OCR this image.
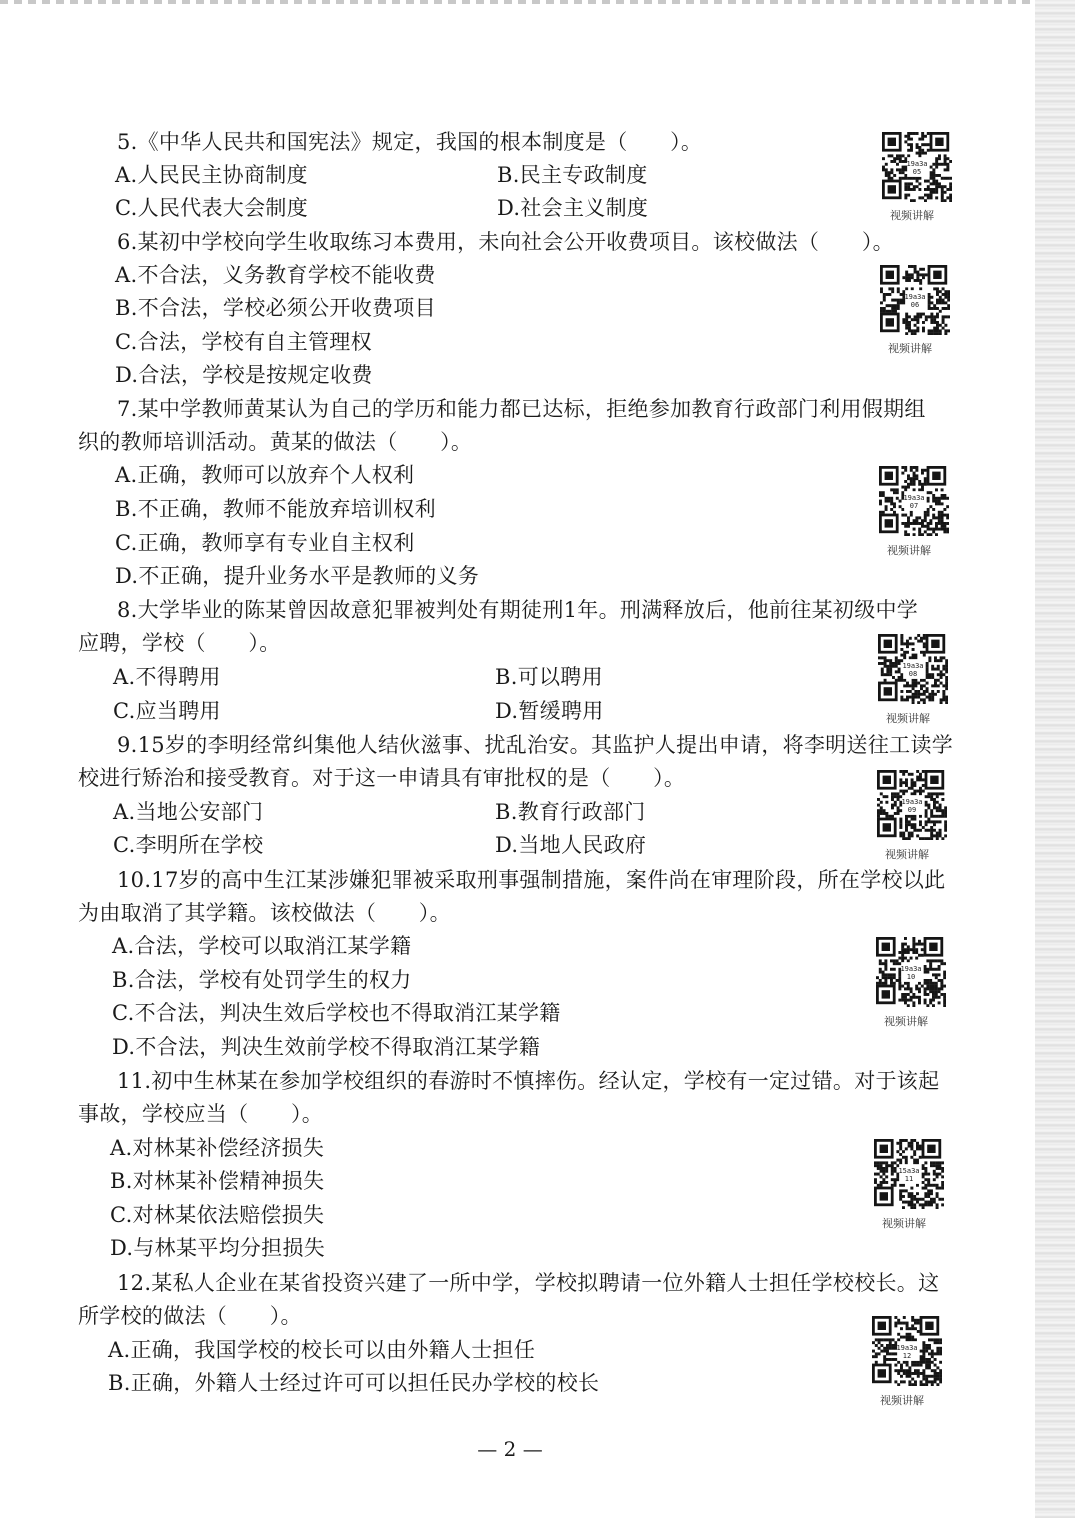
5.《中华人民共和国宪法》规定，我国的根本制度是（　　）。
A.人民民主协商制度	B.民主专政制度
C.人民代表大会制度	D.社会主义制度
6.某初中学校向学生收取练习本费用，未向社会公开收费项目。该校做法（　　）。
A.不合法，义务教育学校不能收费
B.不合法，学校必须公开收费项目
C.合法，学校有自主管理权
D.合法，学校是按规定收费
7.某中学教师黄某认为自己的学历和能力都已达标，拒绝参加教育行政部门利用假期组
织的教师培训活动。黄某的做法（　　）。
A.正确，教师可以放弃个人权利
B.不正确，教师不能放弃培训权利
C.正确，教师享有专业自主权利
D.不正确，提升业务水平是教师的义务
8.大学毕业的陈某曾因故意犯罪被判处有期徒刑1年。刑满释放后，他前往某初级中学
应聘，学校（　　）。
A.不得聘用	B.可以聘用
C.应当聘用	D.暂缓聘用
9.15岁的李明经常纠集他人结伙滋事、扰乱治安。其监护人提出申请，将李明送往工读学
校进行矫治和接受教育。对于这一申请具有审批权的是（　　）。
A.当地公安部门	B.教育行政部门
C.李明所在学校	D.当地人民政府
10.17岁的高中生江某涉嫌犯罪被采取刑事强制措施，案件尚在审理阶段，所在学校以此
为由取消了其学籍。该校做法（　　）。
A.合法，学校可以取消江某学籍
B.合法，学校有处罚学生的权力
C.不合法，判决生效后学校也不得取消江某学籍
D.不合法，判决生效前学校不得取消江某学籍
11.初中生林某在参加学校组织的春游时不慎摔伤。经认定，学校有一定过错。对于该起
事故，学校应当（　　）。
A.对林某补偿经济损失
B.对林某补偿精神损失
C.对林某依法赔偿损失
D.与林某平均分担损失
12.某私人企业在某省投资兴建了一所中学，学校拟聘请一位外籍人士担任学校校长。这
所学校的做法（　　）。
A.正确，我国学校的校长可以由外籍人士担任
B.正确，外籍人士经过许可可以担任民办学校的校长
19a3a
05
视频讲解
19a3a
06
视频讲解
19a3a
07
视频讲解
19a3a
08
视频讲解
19a3a
09
视频讲解
19a3a
10
视频讲解
15a3a
11
视频讲解
19a3a
12
视频讲解
— 2 —
